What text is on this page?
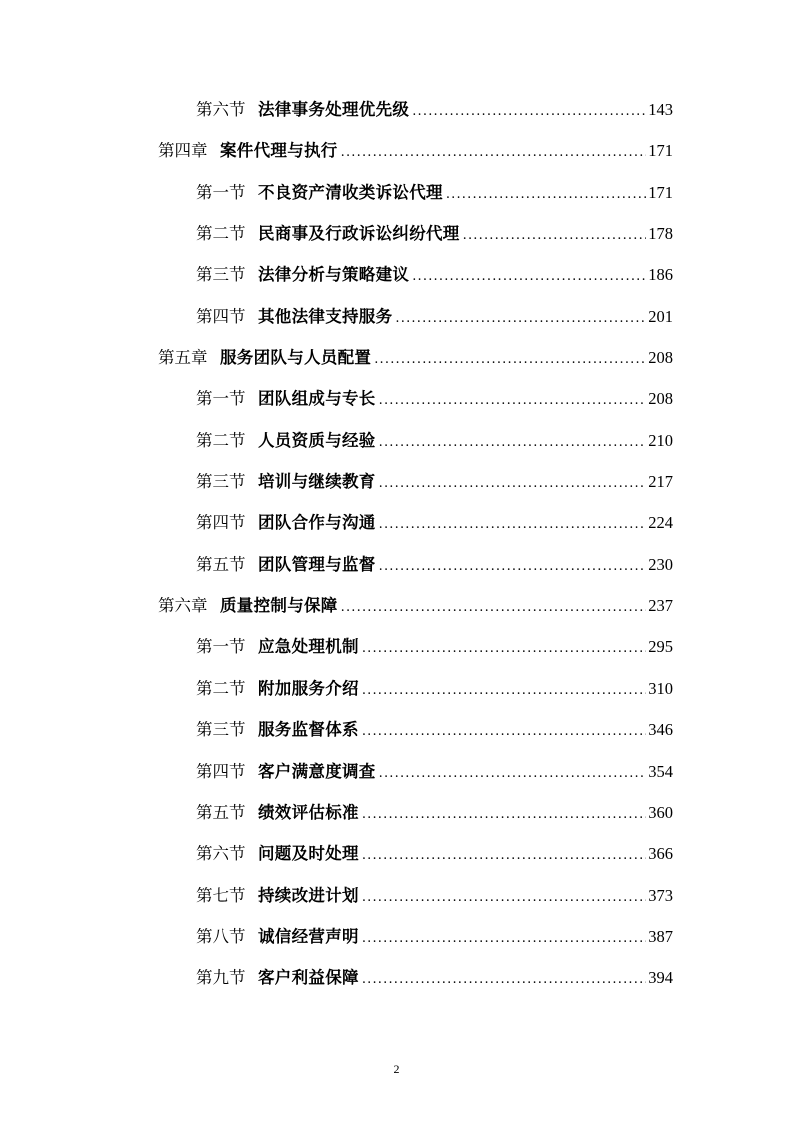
第六节 法律事务处理优先级 .....	143
第四章 案件代理与执行 .....	171
第一节 不良资产清收类诉讼代理 .....	171
第二节 民商事及行政诉讼纠纷代理 .....	178
第三节 法律分析与策略建议 .....	186
第四节 其他法律支持服务 .....	201
第五章 服务团队与人员配置 .....	208
第一节 团队组成与专长 .....	208
第二节 人员资质与经验 .....	210
第三节 培训与继续教育 .....	217
第四节 团队合作与沟通 .....	224
第五节 团队管理与监督 .....	230
第六章 质量控制与保障 .....	237
第一节 应急处理机制 .....	295
第二节 附加服务介绍 .....	310
第三节 服务监督体系 .....	346
第四节 客户满意度调查 .....	354
第五节 绩效评估标准 .....	360
第六节 问题及时处理 .....	366
第七节 持续改进计划 .....	373
第八节 诚信经营声明 .....	387
第九节 客户利益保障 .....	394
2
